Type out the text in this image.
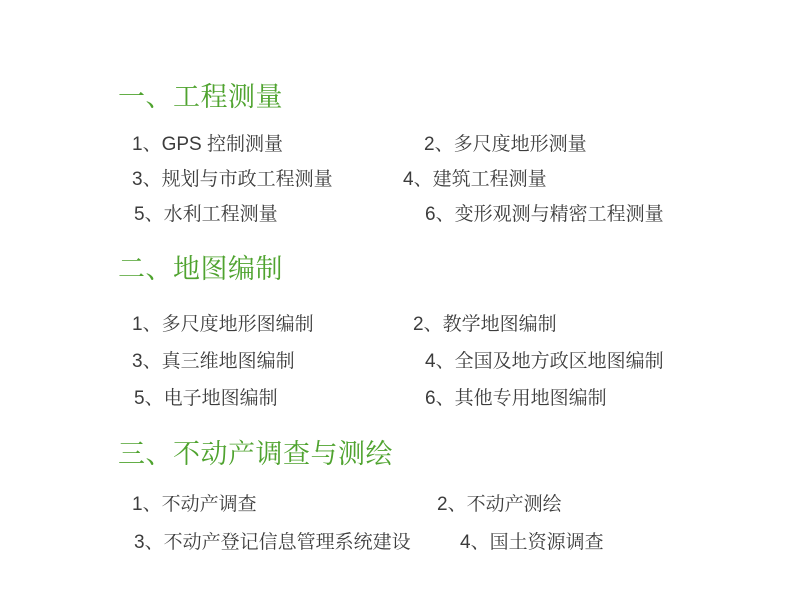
一、工程测量
1、GPS 控制测量	2、多尺度地形测量
3、规划与市政工程测量	4、建筑工程测量
5、水利工程测量	6、变形观测与精密工程测量
二、地图编制
1、多尺度地形图编制	2、教学地图编制
3、真三维地图编制	4、全国及地方政区地图编制
5、电子地图编制	6、其他专用地图编制
三、不动产调查与测绘
1、不动产调查	2、不动产测绘
3、不动产登记信息管理系统建设	4、国土资源调查
